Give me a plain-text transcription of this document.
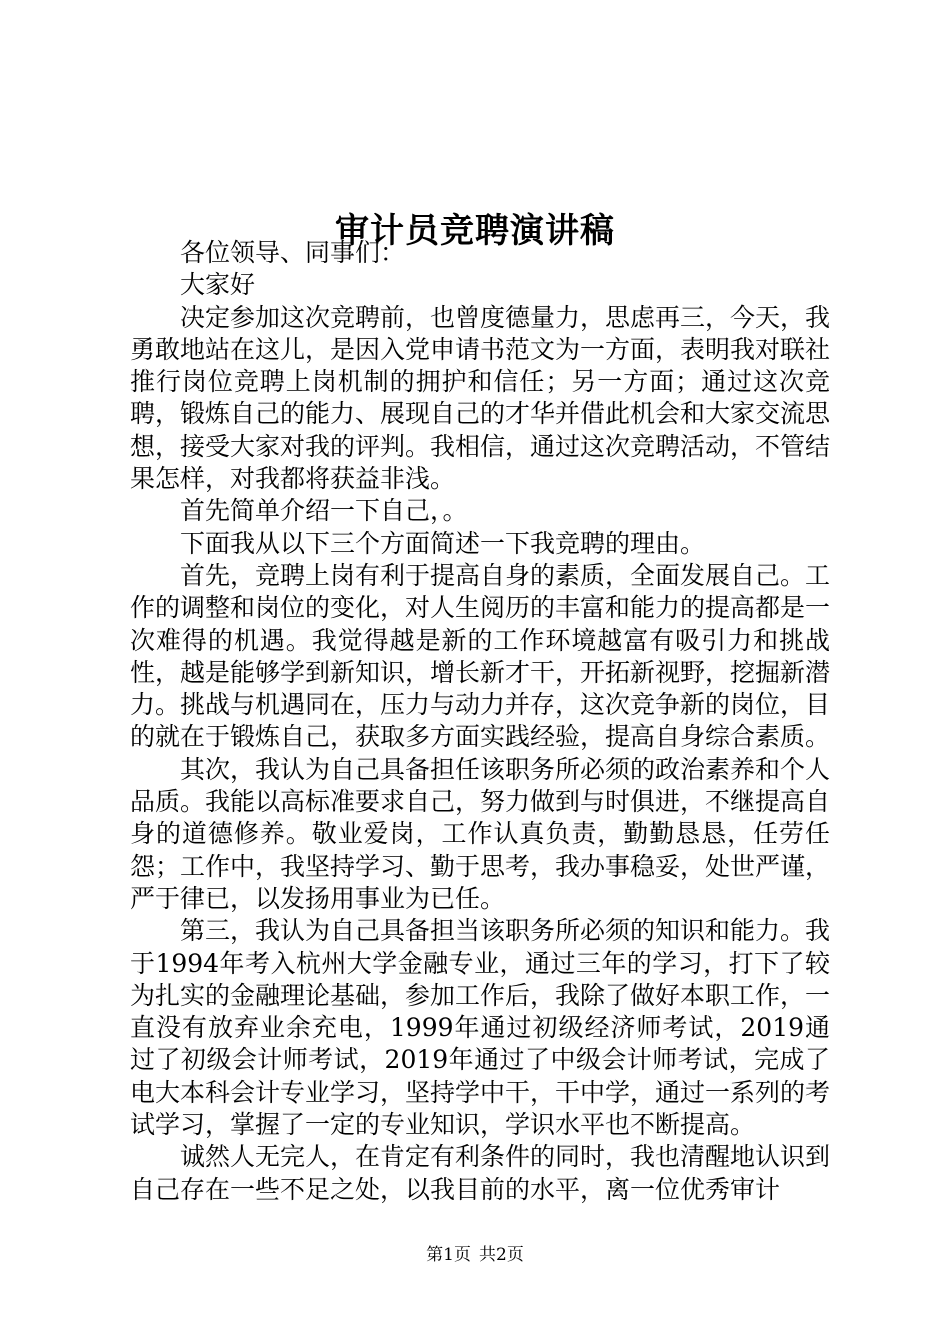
审计员竞聘演讲稿

各位领导、同事们：

大家好

决定参加这次竞聘前，也曾度德量力，思虑再三，今天，我勇敢地站在这儿，是因入党申请书范文为一方面，表明我对联社推行岗位竞聘上岗机制的拥护和信任；另一方面；通过这次竞聘，锻炼自己的能力、展现自己的才华并借此机会和大家交流思想，接受大家对我的评判。我相信，通过这次竞聘活动，不管结果怎样，对我都将获益非浅。

首先简单介绍一下自己，。

下面我从以下三个方面简述一下我竞聘的理由。

首先，竞聘上岗有利于提高自身的素质，全面发展自己。工作的调整和岗位的变化，对人生阅历的丰富和能力的提高都是一次难得的机遇。我觉得越是新的工作环境越富有吸引力和挑战性，越是能够学到新知识，增长新才干，开拓新视野，挖掘新潜力。挑战与机遇同在，压力与动力并存，这次竞争新的岗位，目的就在于锻炼自己，获取多方面实践经验，提高自身综合素质。

其次，我认为自己具备担任该职务所必须的政治素养和个人品质。我能以高标准要求自己，努力做到与时俱进，不继提高自身的道德修养。敬业爱岗，工作认真负责，勤勤恳恳，任劳任怨；工作中，我坚持学习、勤于思考，我办事稳妥，处世严谨，严于律已，以发扬用事业为已任。

第三，我认为自己具备担当该职务所必须的知识和能力。我于1994年考入杭州大学金融专业，通过三年的学习，打下了较为扎实的金融理论基础，参加工作后，我除了做好本职工作，一直没有放弃业余充电，1999年通过初级经济师考试，2019通过了初级会计师考试，2019年通过了中级会计师考试，完成了电大本科会计专业学习，坚持学中干，干中学，通过一系列的考试学习，掌握了一定的专业知识，学识水平也不断提高。

诚然人无完人，在肯定有利条件的同时，我也清醒地认识到自己存在一些不足之处，以我目前的水平，离一位优秀审计

第1页 共2页
